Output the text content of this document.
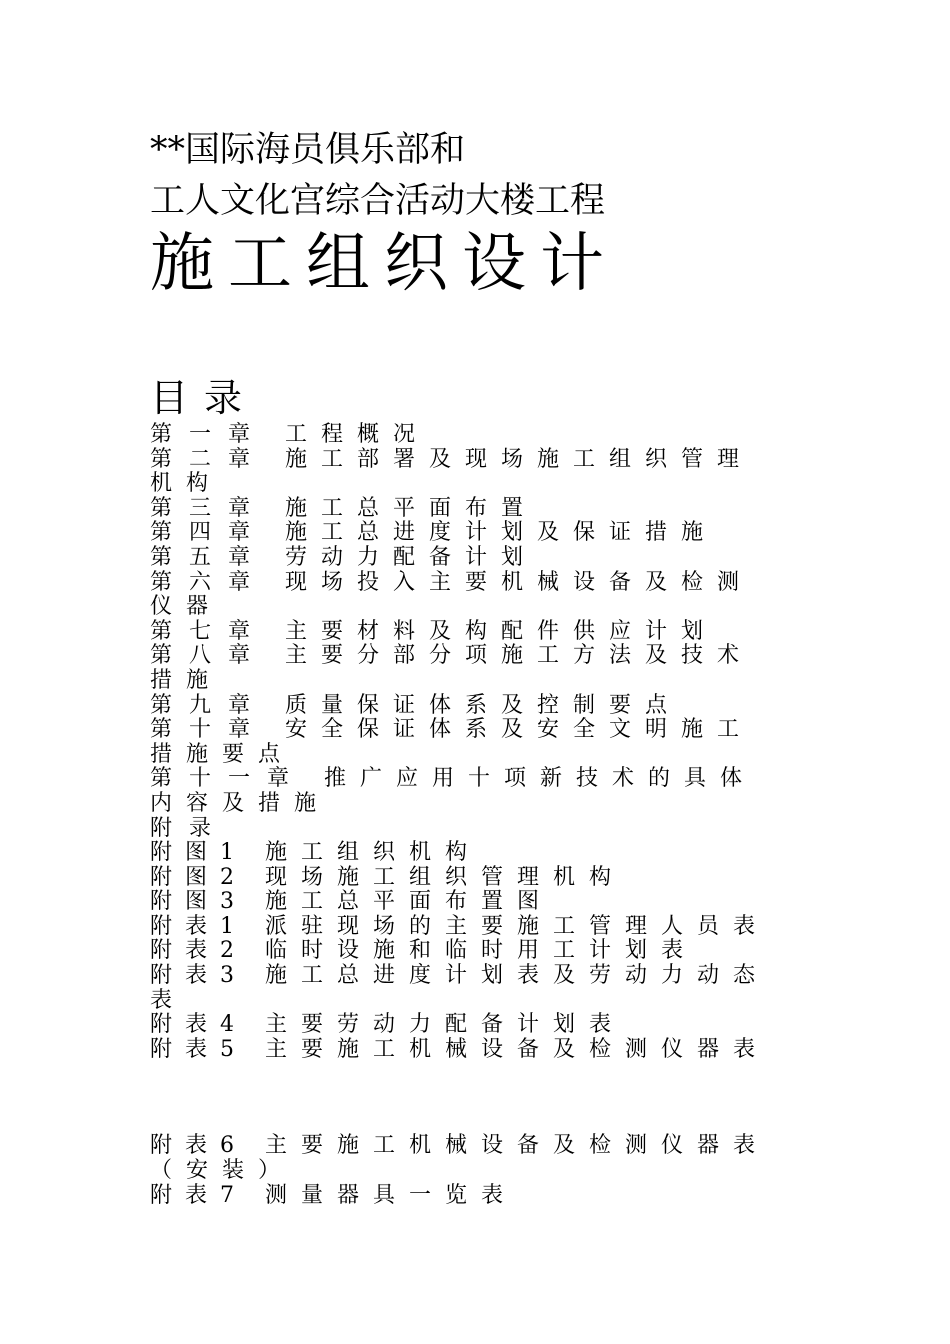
**国际海员俱乐部和
工人文化宫综合活动大楼工程
施工组织设计
目录
第一章 工程概况
第二章 施工部署及现场施工组织管理
机构
第三章 施工总平面布置
第四章 施工总进度计划及保证措施
第五章 劳动力配备计划
第六章 现场投入主要机械设备及检测
仪器
第七章 主要材料及构配件供应计划
第八章 主要分部分项施工方法及技术
措施
第九章 质量保证体系及控制要点
第十章 安全保证体系及安全文明施工
措施要点
第十一章 推广应用十项新技术的具体
内容及措施
附录
附图1 施工组织机构
附图2 现场施工组织管理机构
附图3 施工总平面布置图
附表1 派驻现场的主要施工管理人员表
附表2 临时设施和临时用工计划表
附表3 施工总进度计划表及劳动力动态
表
附表4 主要劳动力配备计划表
附表5 主要施工机械设备及检测仪器表
附表6 主要施工机械设备及检测仪器表
（安装）
附表7 测量器具一览表
